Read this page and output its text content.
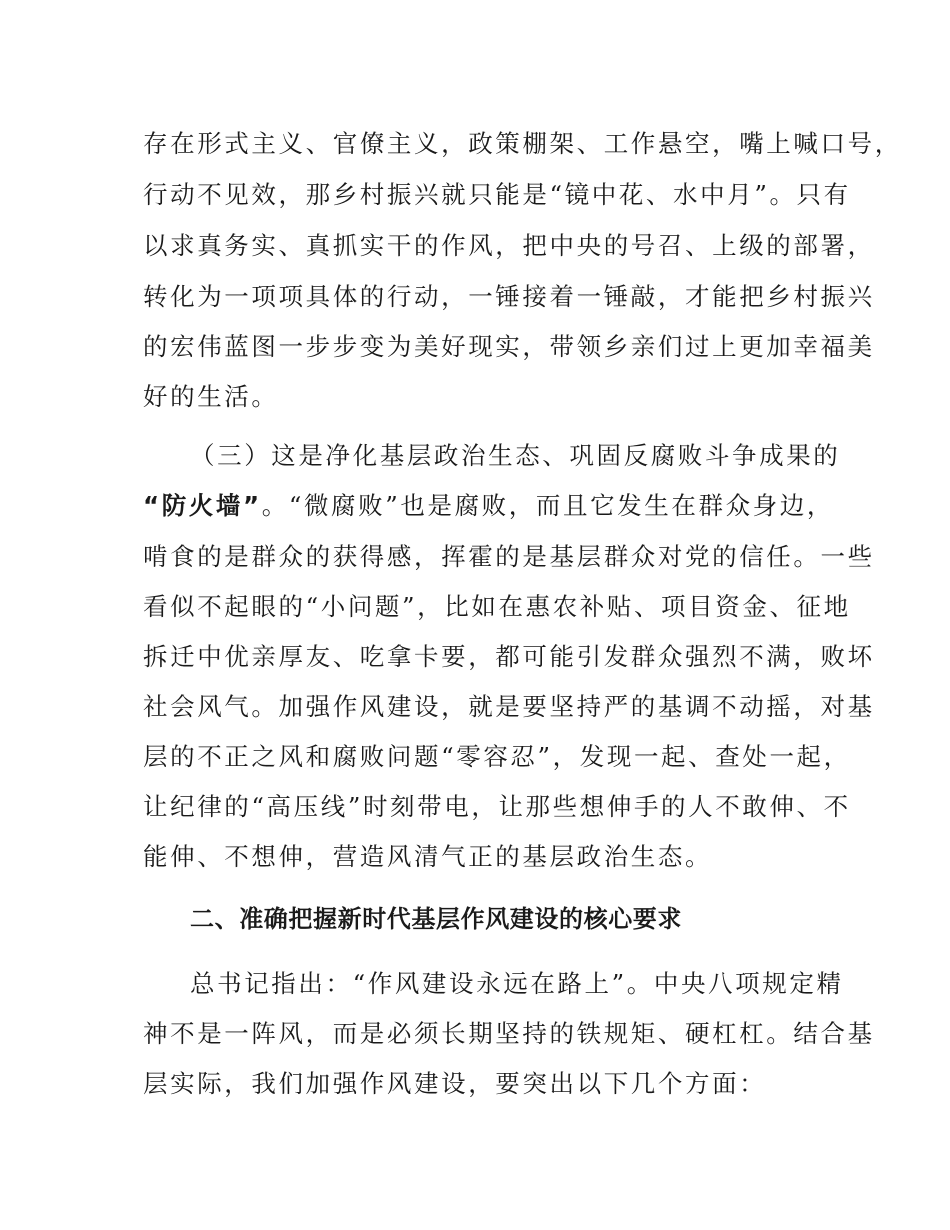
存在形式主义、官僚主义，政策棚架、工作悬空，嘴上喊口号，
行动不见效，那乡村振兴就只能是“镜中花、水中月”。只有
以求真务实、真抓实干的作风，把中央的号召、上级的部署，
转化为一项项具体的行动，一锤接着一锤敲，才能把乡村振兴
的宏伟蓝图一步步变为美好现实，带领乡亲们过上更加幸福美
好的生活。
（三）这是净化基层政治生态、巩固反腐败斗争成果的
“防火墙”。“微腐败”也是腐败，而且它发生在群众身边，
啃食的是群众的获得感，挥霍的是基层群众对党的信任。一些
看似不起眼的“小问题”，比如在惠农补贴、项目资金、征地
拆迁中优亲厚友、吃拿卡要，都可能引发群众强烈不满，败坏
社会风气。加强作风建设，就是要坚持严的基调不动摇，对基
层的不正之风和腐败问题“零容忍”，发现一起、查处一起，
让纪律的“高压线”时刻带电，让那些想伸手的人不敢伸、不
能伸、不想伸，营造风清气正的基层政治生态。
二、准确把握新时代基层作风建设的核心要求
总书记指出：“作风建设永远在路上”。中央八项规定精
神不是一阵风，而是必须长期坚持的铁规矩、硬杠杠。结合基
层实际，我们加强作风建设，要突出以下几个方面：
